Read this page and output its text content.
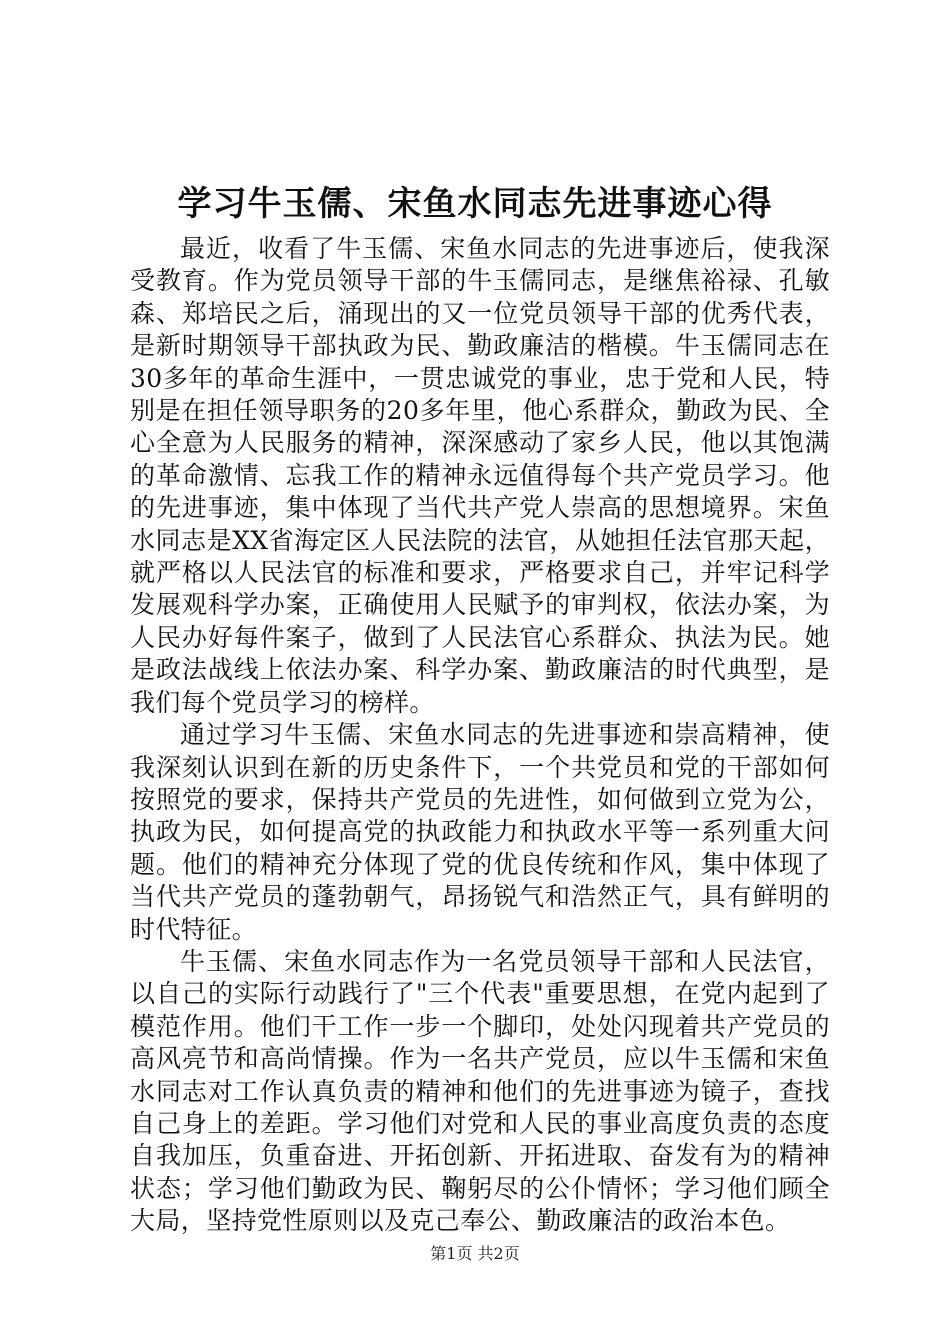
学习牛玉儒、宋鱼水同志先进事迹心得

最近，收看了牛玉儒、宋鱼水同志的先进事迹后，使我深受教育。作为党员领导干部的牛玉儒同志，是继焦裕禄、孔敏森、郑培民之后，涌现出的又一位党员领导干部的优秀代表，是新时期领导干部执政为民、勤政廉洁的楷模。牛玉儒同志在30多年的革命生涯中，一贯忠诚党的事业，忠于党和人民，特别是在担任领导职务的20多年里，他心系群众，勤政为民、全心全意为人民服务的精神，深深感动了家乡人民，他以其饱满的革命激情、忘我工作的精神永远值得每个共产党员学习。他的先进事迹，集中体现了当代共产党人崇高的思想境界。宋鱼水同志是XX省海定区人民法院的法官，从她担任法官那天起，就严格以人民法官的标准和要求，严格要求自己，并牢记科学发展观科学办案，正确使用人民赋予的审判权，依法办案，为人民办好每件案子，做到了人民法官心系群众、执法为民。她是政法战线上依法办案、科学办案、勤政廉洁的时代典型，是我们每个党员学习的榜样。

通过学习牛玉儒、宋鱼水同志的先进事迹和崇高精神，使我深刻认识到在新的历史条件下，一个共党员和党的干部如何按照党的要求，保持共产党员的先进性，如何做到立党为公，执政为民，如何提高党的执政能力和执政水平等一系列重大问题。他们的精神充分体现了党的优良传统和作风，集中体现了当代共产党员的蓬勃朝气，昂扬锐气和浩然正气，具有鲜明的时代特征。

牛玉儒、宋鱼水同志作为一名党员领导干部和人民法官，以自己的实际行动践行了"三个代表"重要思想，在党内起到了模范作用。他们干工作一步一个脚印，处处闪现着共产党员的高风亮节和高尚情操。作为一名共产党员，应以牛玉儒和宋鱼水同志对工作认真负责的精神和他们的先进事迹为镜子，查找自己身上的差距。学习他们对党和人民的事业高度负责的态度自我加压，负重奋进、开拓创新、开拓进取、奋发有为的精神状态；学习他们勤政为民、鞠躬尽的公仆情怀；学习他们顾全大局，坚持党性原则以及克己奉公、勤政廉洁的政治本色。

第1页 共2页
